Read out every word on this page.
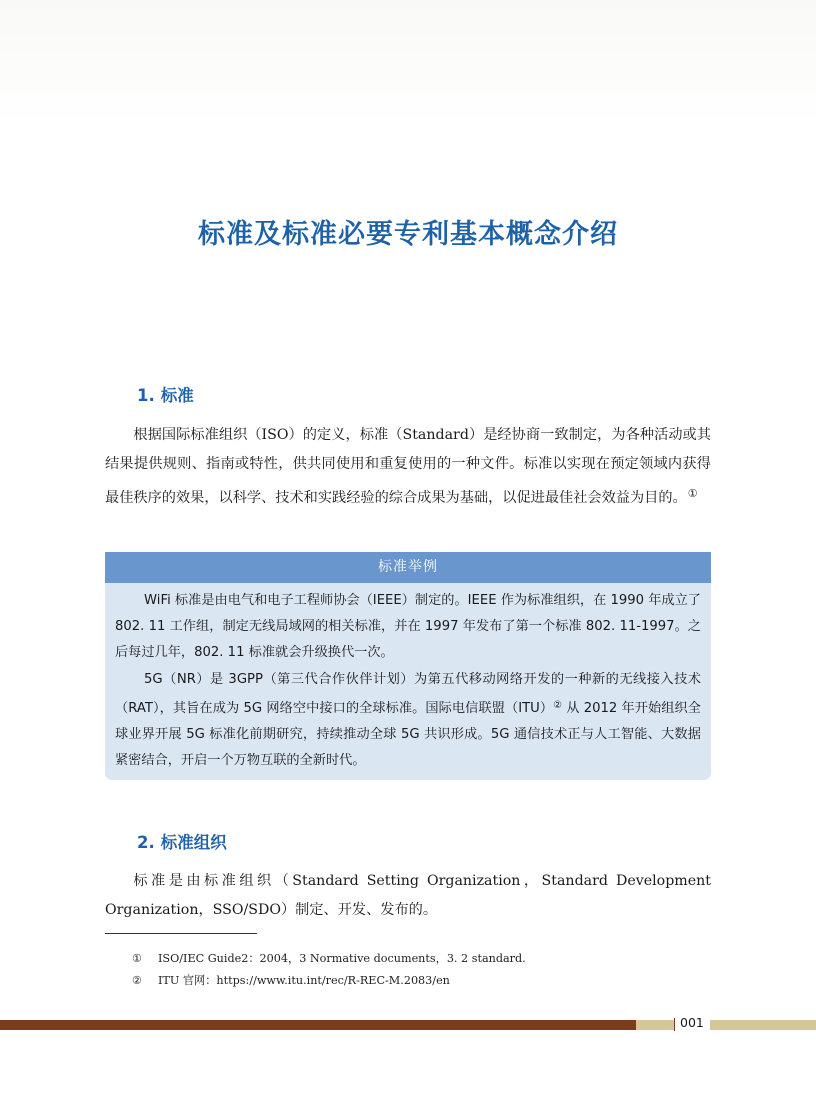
标准及标准必要专利基本概念介绍
1. 标准

根据国际标准组织（ISO）的定义，标准（Standard）是经协商一致制定，为各种活动或其结果提供规则、指南或特性，供共同使用和重复使用的一种文件。标准以实现在预定领域内获得最佳秩序的效果，以科学、技术和实践经验的综合成果为基础，以促进最佳社会效益为目的。①

标准举例

WiFi 标准是由电气和电子工程师协会（IEEE）制定的。IEEE 作为标准组织，在 1990 年成立了 802. 11 工作组，制定无线局域网的相关标准，并在 1997 年发布了第一个标准 802. 11-1997。之后每过几年，802. 11 标准就会升级换代一次。

5G（NR）是 3GPP（第三代合作伙伴计划）为第五代移动网络开发的一种新的无线接入技术（RAT），其旨在成为 5G 网络空中接口的全球标准。国际电信联盟（ITU）② 从 2012 年开始组织全球业界开展 5G 标准化前期研究，持续推动全球 5G 共识形成。5G 通信技术正与人工智能、大数据紧密结合，开启一个万物互联的全新时代。

2. 标准组织

标准是由标准组织（Standard Setting Organization，Standard Development Organization，SSO/SDO）制定、开发、发布的。

① ISO/IEC Guide2：2004，3 Normative documents，3. 2 standard.

② ITU 官网：https://www.itu.int/rec/R-REC-M.2083/en

001
